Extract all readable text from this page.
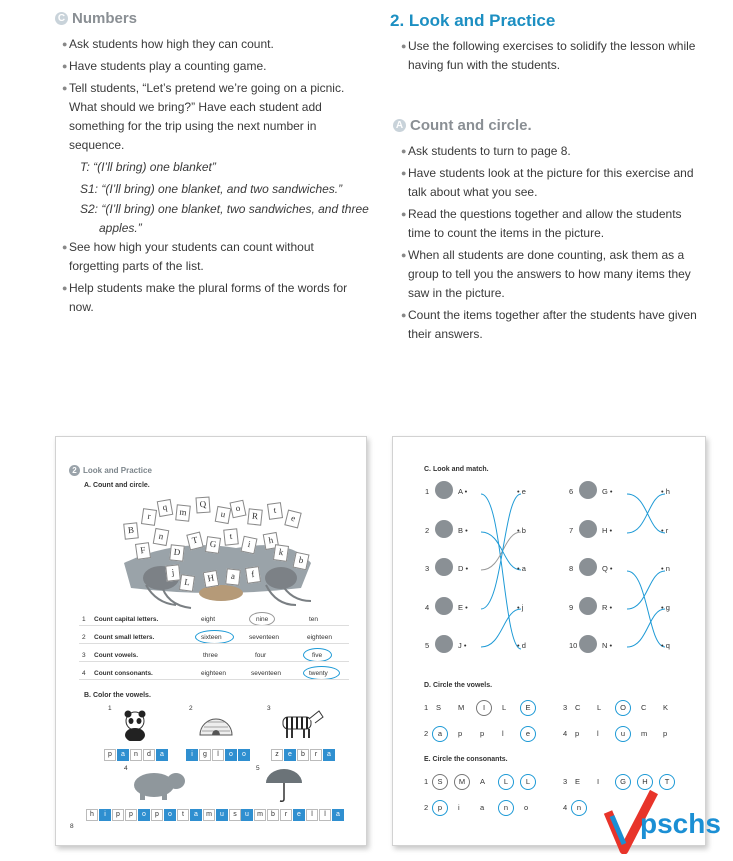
C Numbers
● Ask students how high they can count.
● Have students play a counting game.
● Tell students, “Let’s pretend we’re going on a picnic.
What should we bring?” Have each student add
something for the trip using the next number in
sequence.
T: “(I’ll bring) one blanket”
S1: “(I’ll bring) one blanket, and two sandwiches.”
S2: “(I’ll bring) one blanket, two sandwiches, and three
apples.”
● See how high your students can count without
forgetting parts of the list.
● Help students make the plural forms of the words for
now.
2. Look and Practice
● Use the following exercises to solidify the lesson while
having fun with the students.
A Count and circle.
● Ask students to turn to page 8.
● Have students look at the picture for this exercise and
talk about what you see.
● Read the questions together and allow the students
time to count the items in the picture.
● When all students are done counting, ask them as a
group to tell you the answers to how many items they
saw in the picture.
● Count the items together after the students have given
their answers.
2 Look and Practice
A. Count and circle.
B
r
q	m
Q
u
o
R
t
e
n
F	D
T	G
t
i	h
k
j
L	H	a	f
b
1 Count capital letters.	eight	nine	ten
2 Count small letters.	sixteen	seventeen	eighteen
3 Count vowels.	three	four	five
4 Count consonants.	eighteen	seventeen	twenty
B. Color the vowels.
1	2	3
p a n d a	i g l o o	z e b r a
4	5
h i p p o p o t a m u s	u m b r e l l a
8
C. Look and match.
1	A •	• e
2	B •	• b
3	D •	• a
4	E •	• j
5	J •	• d
6	G •	• h
7	H •	• r
8	Q •	• n
9	R •	• g
10	N •	• q
D. Circle the vowels.
1 S M	I	L	E
2	a	p p l	e
3 C L	O	C K
4 p l	u	m p
E. Circle the consonants.
1	S	M	A	L	L
2	p	i	a	n	o
3 E I	G	H	T
4	n
pschs
